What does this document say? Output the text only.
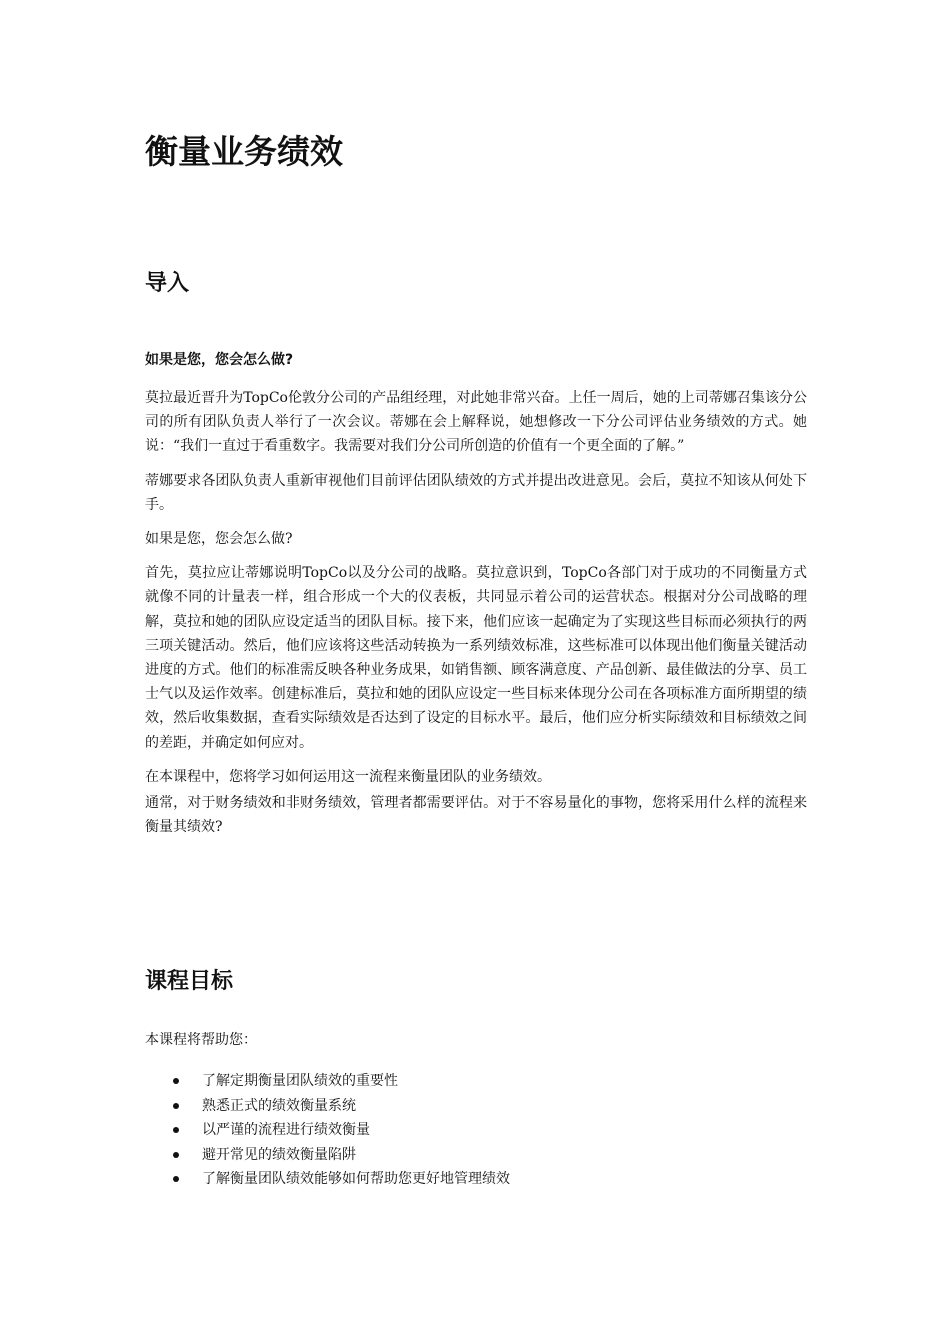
衡量业务绩效
导入

如果是您，您会怎么做?

莫拉最近晋升为TopCo伦敦分公司的产品组经理，对此她非常兴奋。上任一周后，她的上司蒂娜召集该分公司的所有团队负责人举行了一次会议。蒂娜在会上解释说，她想修改一下分公司评估业务绩效的方式。她说：“我们一直过于看重数字。我需要对我们分公司所创造的价值有一个更全面的了解。”

蒂娜要求各团队负责人重新审视他们目前评估团队绩效的方式并提出改进意见。会后，莫拉不知该从何处下手。

如果是您，您会怎么做?

首先，莫拉应让蒂娜说明TopCo以及分公司的战略。莫拉意识到，TopCo各部门对于成功的不同衡量方式就像不同的计量表一样，组合形成一个大的仪表板，共同显示着公司的运营状态。根据对分公司战略的理解，莫拉和她的团队应设定适当的团队目标。接下来，他们应该一起确定为了实现这些目标而必须执行的两三项关键活动。然后，他们应该将这些活动转换为一系列绩效标准，这些标准可以体现出他们衡量关键活动进度的方式。他们的标准需反映各种业务成果，如销售额、顾客满意度、产品创新、最佳做法的分享、员工士气以及运作效率。创建标准后，莫拉和她的团队应设定一些目标来体现分公司在各项标准方面所期望的绩效，然后收集数据，查看实际绩效是否达到了设定的目标水平。最后，他们应分析实际绩效和目标绩效之间的差距，并确定如何应对。

在本课程中，您将学习如何运用这一流程来衡量团队的业务绩效。

通常，对于财务绩效和非财务绩效，管理者都需要评估。对于不容易量化的事物，您将采用什么样的流程来衡量其绩效?

课程目标

本课程将帮助您：

了解定期衡量团队绩效的重要性
熟悉正式的绩效衡量系统
以严谨的流程进行绩效衡量
避开常见的绩效衡量陷阱
了解衡量团队绩效能够如何帮助您更好地管理绩效
